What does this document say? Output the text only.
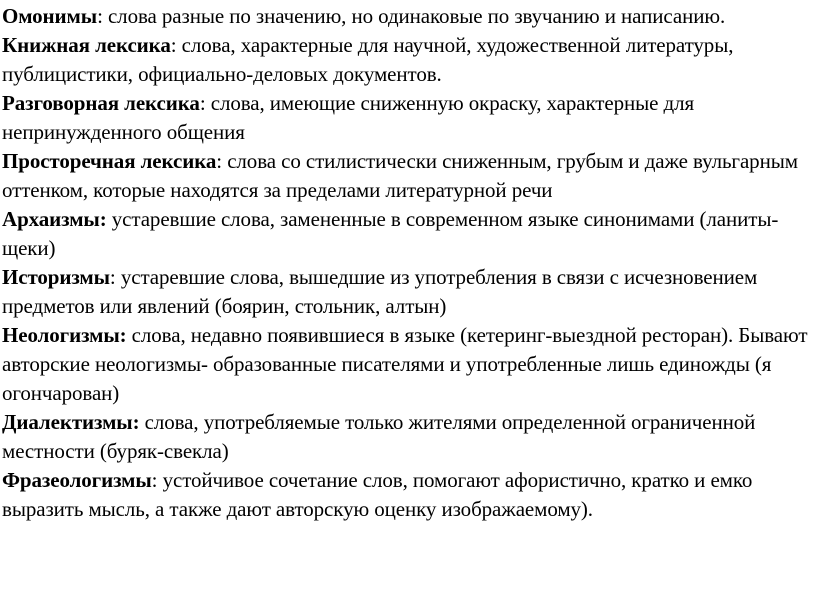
Омонимы: слова разные по значению, но одинаковые по звучанию и написанию.

Книжная лексика: слова, характерные для научной, художественной литературы, публицистики, официально-деловых документов.

Разговорная лексика: слова, имеющие сниженную окраску, характерные для непринужденного общения

Просторечная лексика: слова со стилистически сниженным, грубым и даже вульгарным оттенком, которые находятся за пределами литературной речи

Архаизмы: устаревшие слова, замененные в современном языке синонимами (ланиты-щеки)

Историзмы: устаревшие слова, вышедшие из употребления в связи с исчезновением предметов или явлений (боярин, стольник, алтын)

Неологизмы: слова, недавно появившиеся в языке (кетеринг-выездной ресторан). Бывают авторские неологизмы- образованные писателями и употребленные лишь единожды (я огончарован)

Диалектизмы: слова, употребляемые только жителями определенной ограниченной местности (буряк-свекла)

Фразеологизмы: устойчивое сочетание слов, помогают афористично, кратко и емко выразить мысль, а также дают авторскую оценку изображаемому).
